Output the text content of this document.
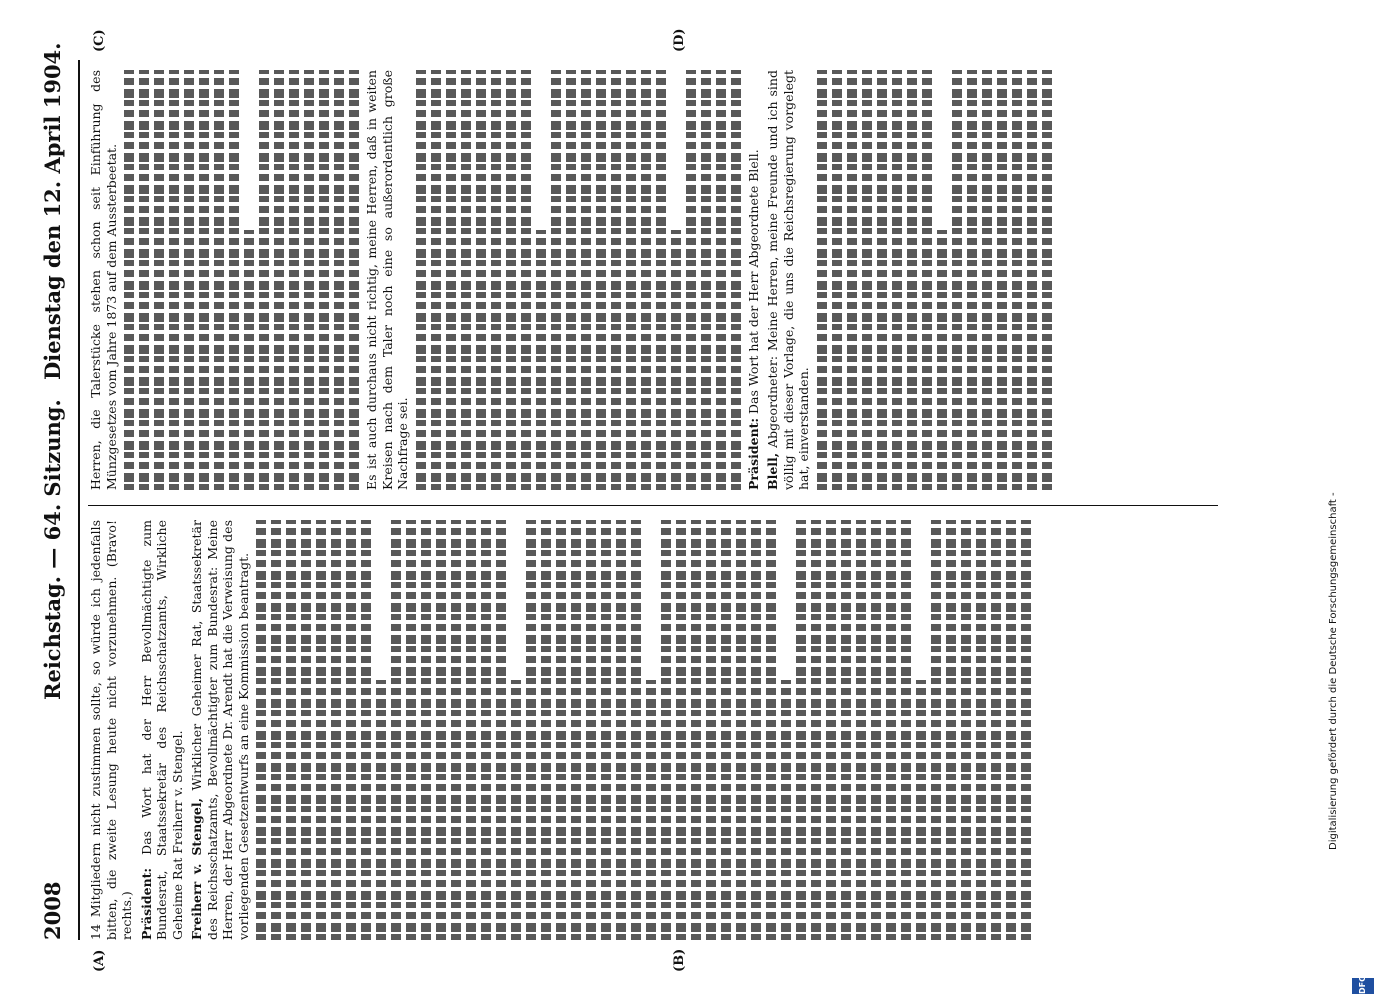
2008
Reichstag. — 64. Sitzung.
Dienstag den 12. April 1904.
(A)	(B)
(C)	(D)

14 Mitgliedern nicht zustimmen sollte, so würde ich jedenfalls bitten, die zweite Lesung heute nicht vorzunehmen. (Bravo! rechts.) Präsident: Das Wort hat der Herr Bevollmächtigte zum Bundesrat, Staatssekretär des Reichsschatzamts, Wirkliche Geheime Rat Freiherr v. Stengel. Freiherr v. Stengel, Wirklicher Geheimer Rat, Staatssekretär des Reichsschatzamts, Bevollmächtigter zum Bundesrat: Meine Herren, der Herr Abgeordnete Dr. Arendt hat die Verweisung des vorliegenden Gesetzentwurfs an eine Kommission beantragt.

Herren, die Talerstücke stehen schon seit Einführung des Münzgesetzes vom Jahre 1873 auf dem Aussterbeetat.	Es ist auch durchaus nicht richtig, meine Herren, daß in weiten Kreisen nach dem Taler noch eine so außerordentlich große Nachfrage sei.	Präsident: Das Wort hat der Herr Abgeordnete Blell.

Blell, Abgeordneter: Meine Herren, meine Freunde und ich sind völlig mit dieser Vorlage, die uns die Reichsregierung vorgelegt hat, einverstanden.

Digitalisierung gefördert durch die Deutsche Forschungsgemeinschaft -
DFG
